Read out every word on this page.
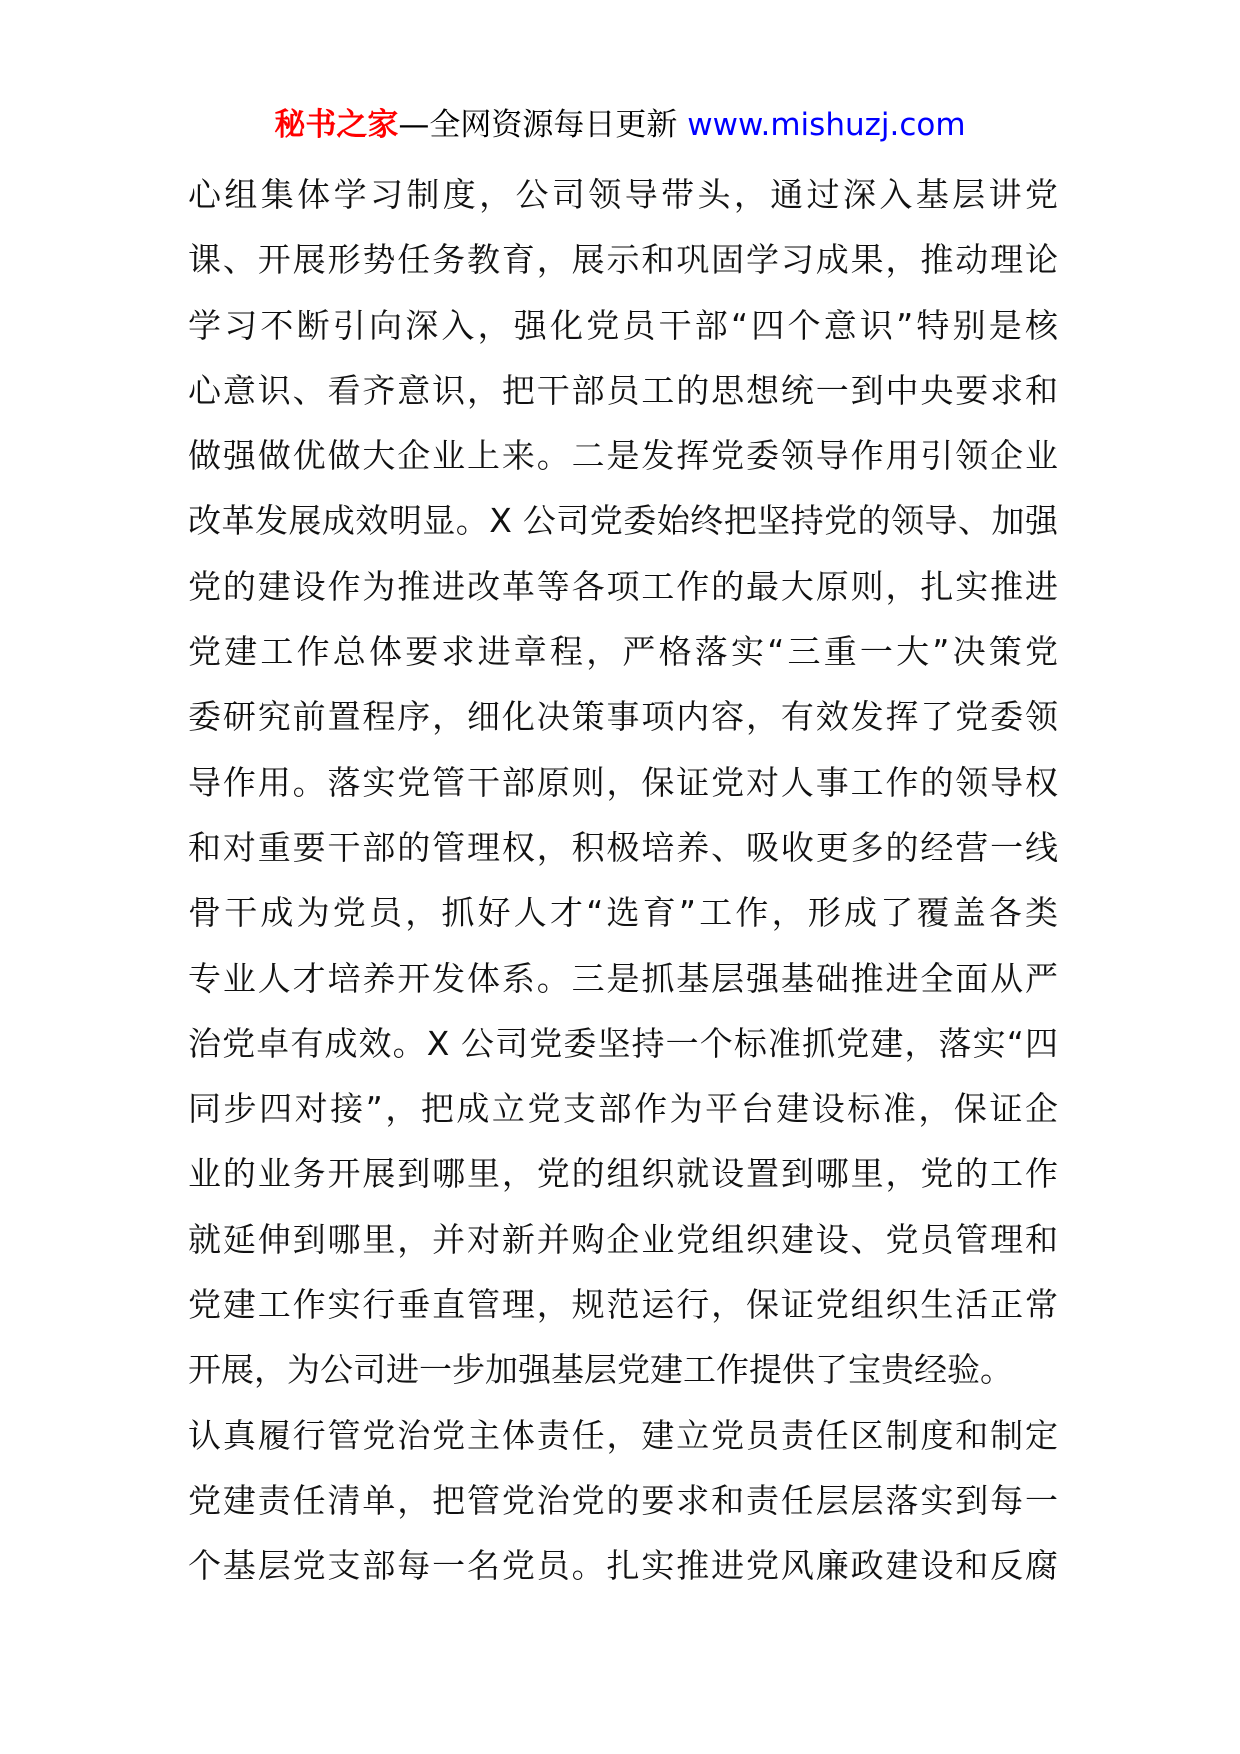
秘书之家—全网资源每日更新 www.mishuzj.com
心组集体学习制度，公司领导带头，通过深入基层讲党
课、开展形势任务教育，展示和巩固学习成果，推动理论
学习不断引向深入，强化党员干部“四个意识”特别是核
心意识、看齐意识，把干部员工的思想统一到中央要求和
做强做优做大企业上来。二是发挥党委领导作用引领企业
改革发展成效明显。X 公司党委始终把坚持党的领导、加强
党的建设作为推进改革等各项工作的最大原则，扎实推进
党建工作总体要求进章程，严格落实“三重一大”决策党
委研究前置程序，细化决策事项内容，有效发挥了党委领
导作用。落实党管干部原则，保证党对人事工作的领导权
和对重要干部的管理权，积极培养、吸收更多的经营一线
骨干成为党员，抓好人才“选育”工作，形成了覆盖各类
专业人才培养开发体系。三是抓基层强基础推进全面从严
治党卓有成效。X 公司党委坚持一个标准抓党建，落实“四
同步四对接”，把成立党支部作为平台建设标准，保证企
业的业务开展到哪里，党的组织就设置到哪里，党的工作
就延伸到哪里，并对新并购企业党组织建设、党员管理和
党建工作实行垂直管理，规范运行，保证党组织生活正常
开展，为公司进一步加强基层党建工作提供了宝贵经验。
认真履行管党治党主体责任，建立党员责任区制度和制定
党建责任清单，把管党治党的要求和责任层层落实到每一
个基层党支部每一名党员。扎实推进党风廉政建设和反腐
